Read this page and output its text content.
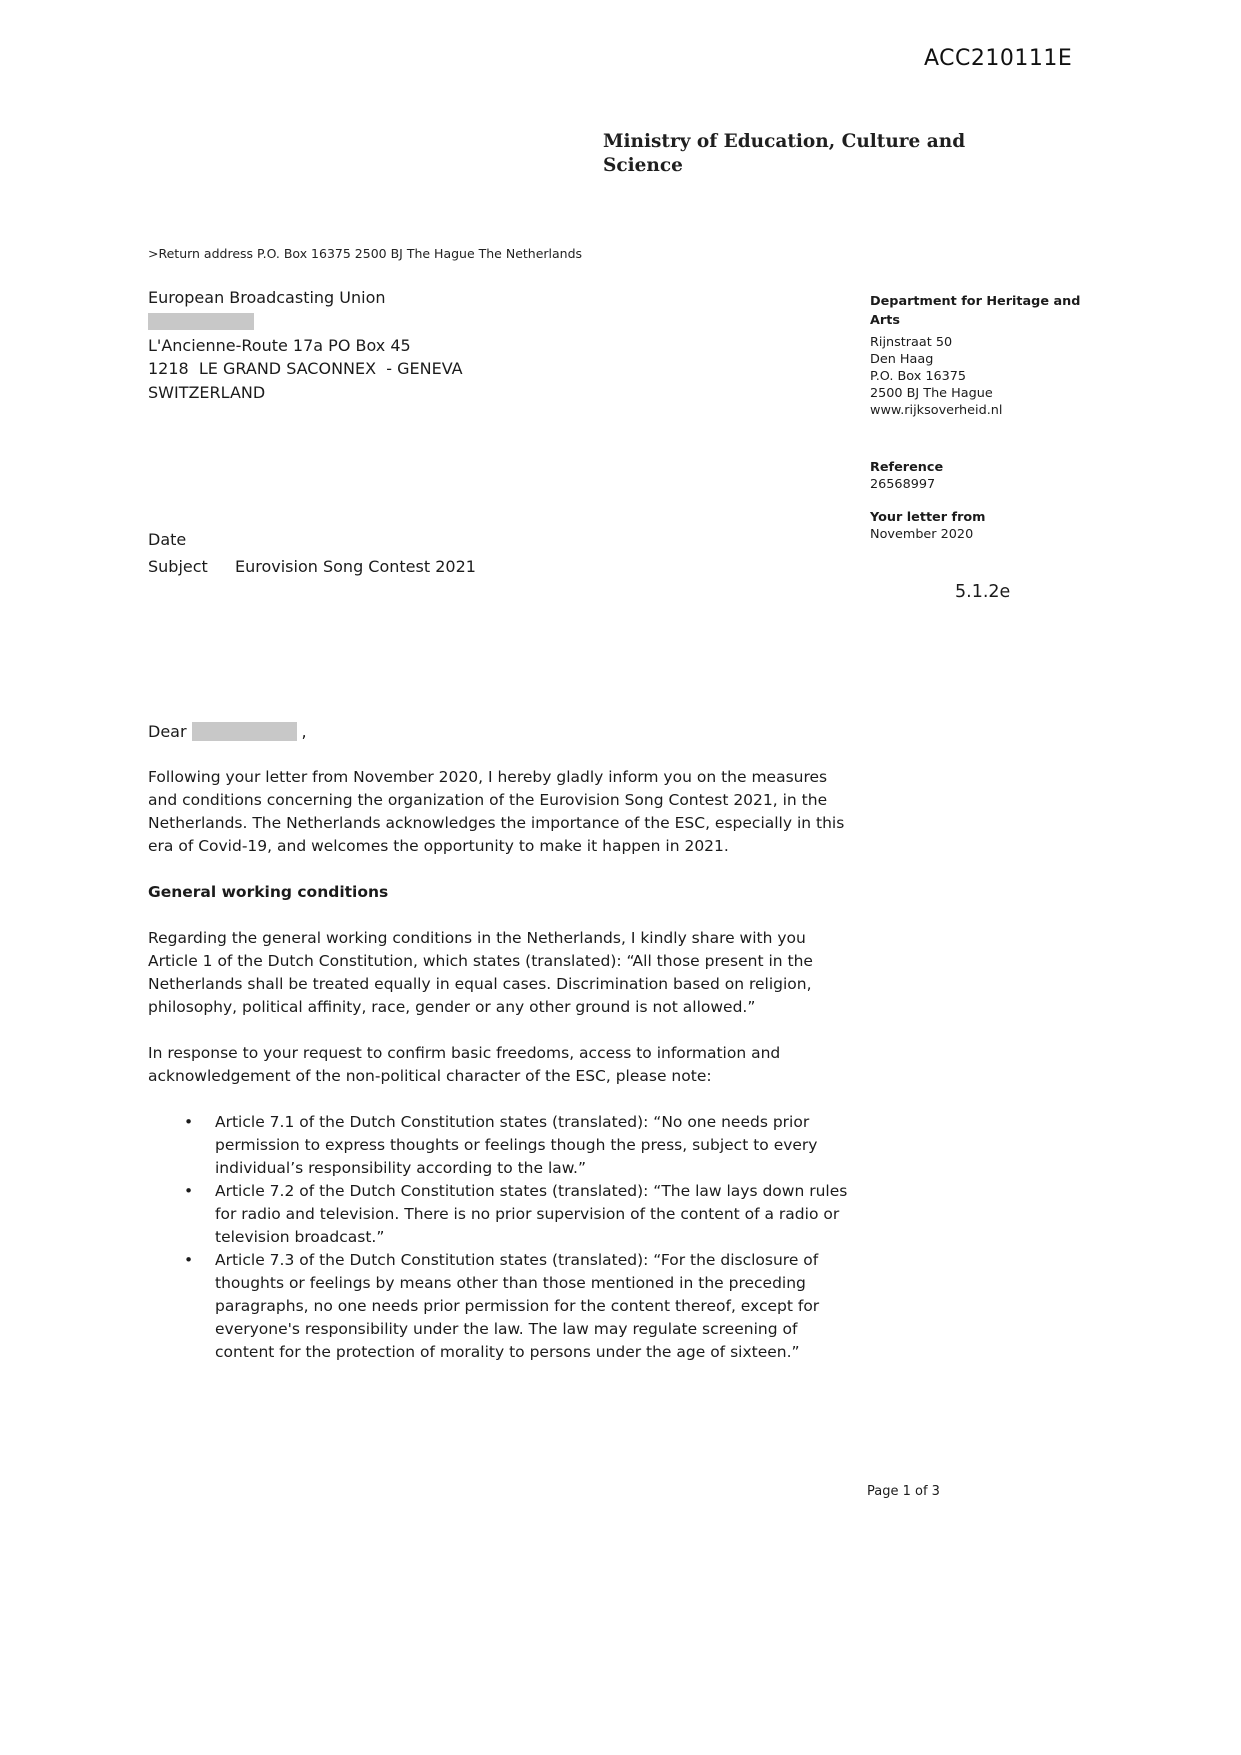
ACC210111E
Ministry of Education, Culture and
Science
>Return address P.O. Box 16375 2500 BJ The Hague The Netherlands
European Broadcasting Union
L'Ancienne-Route 17a PO Box 45
1218  LE GRAND SACONNEX  - GENEVA
SWITZERLAND
Department for Heritage and
Arts
Rijnstraat 50
Den Haag
P.O. Box 16375
2500 BJ The Hague
www.rijksoverheid.nl
Reference
26568997
Your letter from
November 2020
Date
Subject Eurovision Song Contest 2021
5.1.2e
Dear	,

Following your letter from November 2020, I hereby gladly inform you on the measures and conditions concerning the organization of the Eurovision Song Contest 2021, in the Netherlands. The Netherlands acknowledges the importance of the ESC, especially in this era of Covid-19, and welcomes the opportunity to make it happen in 2021.

General working conditions

Regarding the general working conditions in the Netherlands, I kindly share with you Article 1 of the Dutch Constitution, which states (translated): “All those present in the Netherlands shall be treated equally in equal cases. Discrimination based on religion, philosophy, political affinity, race, gender or any other ground is not allowed.”

In response to your request to confirm basic freedoms, access to information and acknowledgement of the non-political character of the ESC, please note:

• Article 7.1 of the Dutch Constitution states (translated): “No one needs prior permission to express thoughts or feelings though the press, subject to every individual’s responsibility according to the law.”
• Article 7.2 of the Dutch Constitution states (translated): “The law lays down rules for radio and television. There is no prior supervision of the content of a radio or television broadcast.”
• Article 7.3 of the Dutch Constitution states (translated): “For the disclosure of thoughts or feelings by means other than those mentioned in the preceding paragraphs, no one needs prior permission for the content thereof, except for everyone's responsibility under the law. The law may regulate screening of content for the protection of morality to persons under the age of sixteen.”
Page 1 of 3
